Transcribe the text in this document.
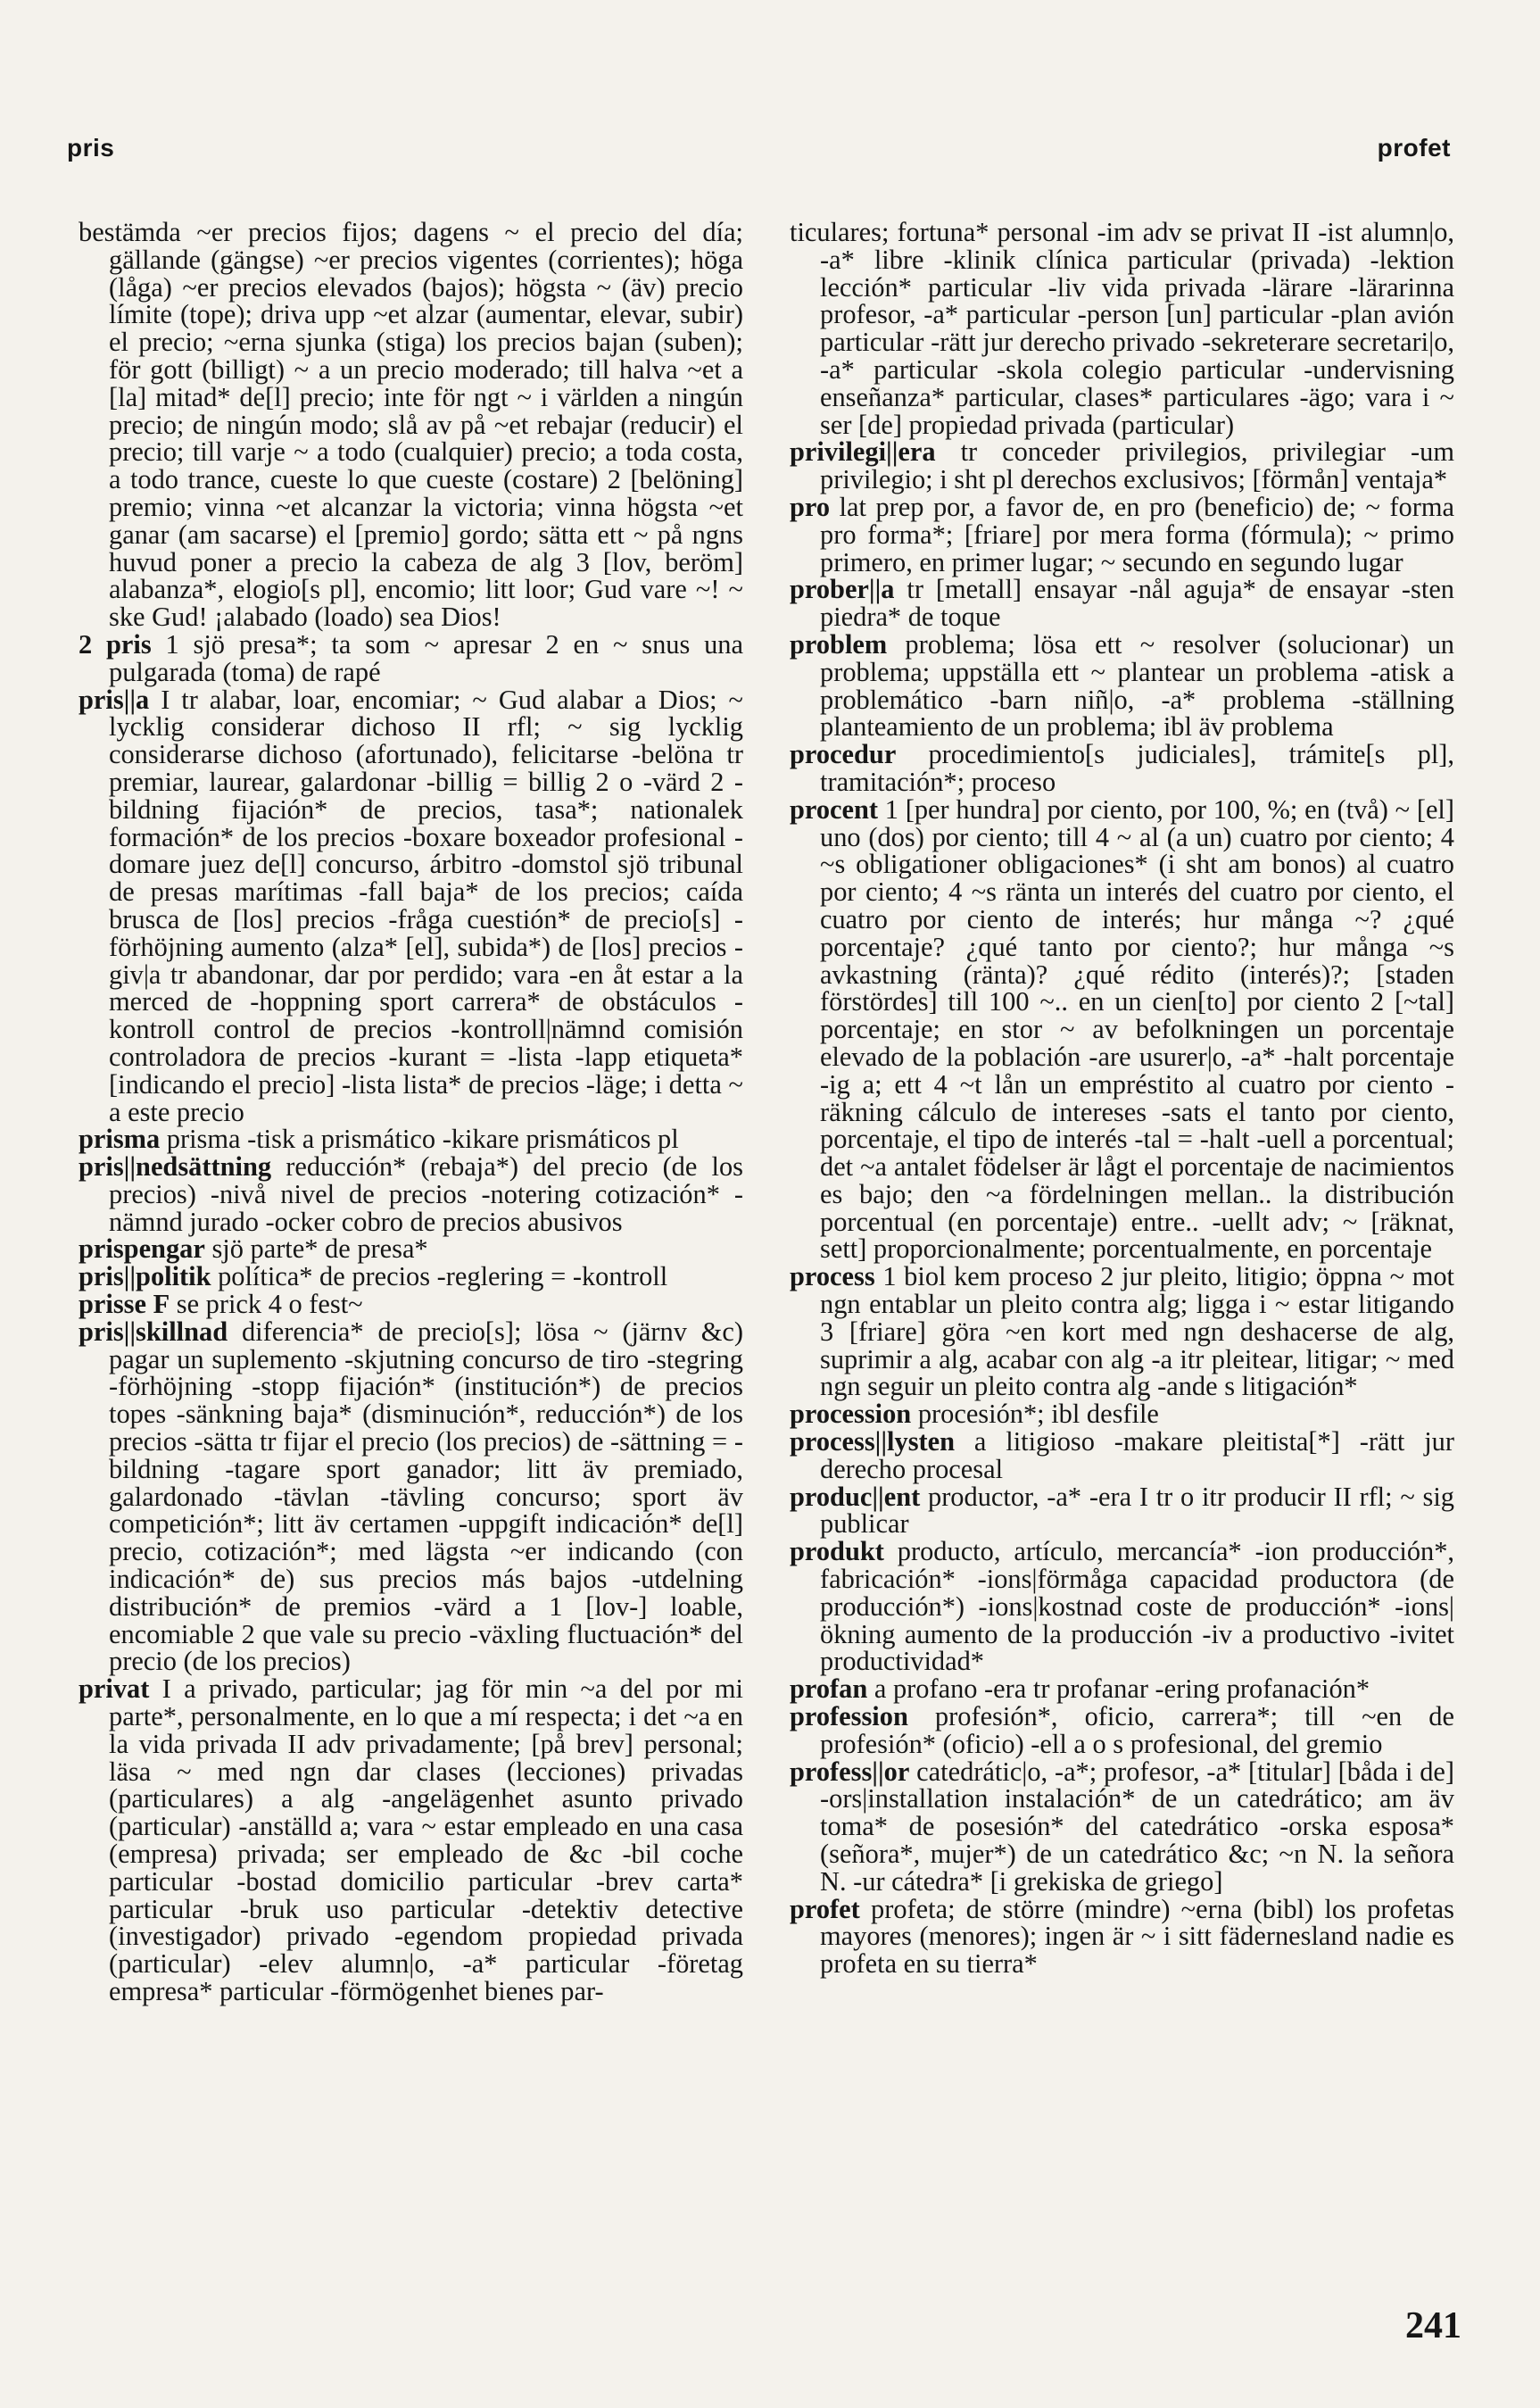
pris	profet

bestämda ~er precios fijos; dagens ~ el precio del día; gällande (gängse) ~er precios vigentes (corrientes); höga (låga) ~er precios elevados (bajos); högsta ~ (äv) precio límite (tope); driva upp ~et alzar (aumentar, elevar, subir) el precio; ~erna sjunka (stiga) los precios bajan (suben); för gott (billigt) ~ a un precio moderado; till halva ~et a [la] mitad* de[l] precio; inte för ngt ~ i världen a ningún precio; de ningún modo; slå av på ~et rebajar (reducir) el precio; till varje ~ a todo (cualquier) precio; a toda costa, a todo trance, cueste lo que cueste (costare) 2 [belöning] premio; vinna ~et alcanzar la victoria; vinna högsta ~et ganar (am sacarse) el [premio] gordo; sätta ett ~ på ngns huvud poner a precio la cabeza de alg 3 [lov, beröm] alabanza*, elogio[s pl], encomio; litt loor; Gud vare ~! ~ ske Gud! ¡alabado (loado) sea Dios!

2 pris 1 sjö presa*; ta som ~ apresar 2 en ~ snus una pulgarada (toma) de rapé

pris||a I tr alabar, loar, encomiar; ~ Gud alabar a Dios; ~ lycklig considerar dichoso II rfl; ~ sig lycklig considerarse dichoso (afortunado), felicitarse -belöna tr premiar, laurear, galardonar -billig = billig 2 o -värd 2 -bildning fijación* de precios, tasa*; nationalek formación* de los precios -boxare boxeador profesional -domare juez de[l] concurso, árbitro -domstol sjö tribunal de presas marítimas -fall baja* de los precios; caída brusca de [los] precios -fråga cuestión* de precio[s] -förhöjning aumento (alza* [el], subida*) de [los] precios -giv|a tr abandonar, dar por perdido; vara -en åt estar a la merced de -hoppning sport carrera* de obstáculos -kontroll control de precios -kontroll|nämnd comisión controladora de precios -kurant = -lista -lapp etiqueta* [indicando el precio] -lista lista* de precios -läge; i detta ~ a este precio

prisma prisma -tisk a prismático -kikare prismáticos pl

pris||nedsättning reducción* (rebaja*) del precio (de los precios) -nivå nivel de precios -notering cotización* -nämnd jurado -ocker cobro de precios abusivos

prispengar sjö parte* de presa*

pris||politik política* de precios -reglering = -kontroll

prisse F se prick 4 o fest~

pris||skillnad diferencia* de precio[s]; lösa ~ (järnv &c) pagar un suplemento -skjutning concurso de tiro -stegring -förhöjning -stopp fijación* (institución*) de precios topes -sänkning baja* (disminución*, reducción*) de los precios -sätta tr fijar el precio (los precios) de -sättning = -bildning -tagare sport ganador; litt äv premiado, galardonado -tävlan -tävling concurso; sport äv competición*; litt äv certamen -uppgift indicación* de[l] precio, cotización*; med lägsta ~er indicando (con indicación* de) sus precios más bajos -utdelning distribución* de premios -värd a 1 [lov-] loable, encomiable 2 que vale su precio -växling fluctuación* del precio (de los precios)

privat I a privado, particular; jag för min ~a del por mi parte*, personalmente, en lo que a mí respecta; i det ~a en la vida privada II adv privadamente; [på brev] personal; läsa ~ med ngn dar clases (lecciones) privadas (particulares) a alg -angelägenhet asunto privado (particular) -anställd a; vara ~ estar empleado en una casa (empresa) privada; ser empleado de &c -bil coche particular -bostad domicilio particular -brev carta* particular -bruk uso particular -detektiv detective (investigador) privado -egendom propiedad privada (particular) -elev alumn|o, -a* particular -företag empresa* particular -förmögenhet bienes par-

ticulares; fortuna* personal -im adv se privat II -ist alumn|o, -a* libre -klinik clínica particular (privada) -lektion lección* particular -liv vida privada -lärare -lärarinna profesor, -a* particular -person [un] particular -plan avión particular -rätt jur derecho privado -sekreterare secretari|o, -a* particular -skola colegio particular -undervisning enseñanza* particular, clases* particulares -ägo; vara i ~ ser [de] propiedad privada (particular)

privilegi||era tr conceder privilegios, privilegiar -um privilegio; i sht pl derechos exclusivos; [förmån] ventaja*

pro lat prep por, a favor de, en pro (beneficio) de; ~ forma pro forma*; [friare] por mera forma (fórmula); ~ primo primero, en primer lugar; ~ secundo en segundo lugar

prober||a tr [metall] ensayar -nål aguja* de ensayar -sten piedra* de toque

problem problema; lösa ett ~ resolver (solucionar) un problema; uppställa ett ~ plantear un problema -atisk a problemático -barn niñ|o, -a* problema -ställning planteamiento de un problema; ibl äv problema

procedur procedimiento[s judiciales], trámite[s pl], tramitación*; proceso

procent 1 [per hundra] por ciento, por 100, %; en (två) ~ [el] uno (dos) por ciento; till 4 ~ al (a un) cuatro por ciento; 4 ~s obligationer obligaciones* (i sht am bonos) al cuatro por ciento; 4 ~s ränta un interés del cuatro por ciento, el cuatro por ciento de interés; hur många ~? ¿qué porcentaje? ¿qué tanto por ciento?; hur många ~s avkastning (ränta)? ¿qué rédito (interés)?; [staden förstördes] till 100 ~.. en un cien[to] por ciento 2 [~tal] porcentaje; en stor ~ av befolkningen un porcentaje elevado de la población -are usurer|o, -a* -halt porcentaje -ig a; ett 4 ~t lån un empréstito al cuatro por ciento -räkning cálculo de intereses -sats el tanto por ciento, porcentaje, el tipo de interés -tal = -halt -uell a porcentual; det ~a antalet födelser är lågt el porcentaje de nacimientos es bajo; den ~a fördelningen mellan.. la distribución porcentual (en porcentaje) entre.. -uellt adv; ~ [räknat, sett] proporcionalmente; porcentualmente, en porcentaje

process 1 biol kem proceso 2 jur pleito, litigio; öppna ~ mot ngn entablar un pleito contra alg; ligga i ~ estar litigando 3 [friare] göra ~en kort med ngn deshacerse de alg, suprimir a alg, acabar con alg -a itr pleitear, litigar; ~ med ngn seguir un pleito contra alg -ande s litigación*

procession procesión*; ibl desfile

process||lysten a litigioso -makare pleitista[*] -rätt jur derecho procesal

produc||ent productor, -a* -era I tr o itr producir II rfl; ~ sig publicar

produkt producto, artículo, mercancía* -ion producción*, fabricación* -ions|förmåga capacidad productora (de producción*) -ions|kostnad coste de producción* -ions|ökning aumento de la producción -iv a productivo -ivitet productividad*

profan a profano -era tr profanar -ering profanación*

profession profesión*, oficio, carrera*; till ~en de profesión* (oficio) -ell a o s profesional, del gremio

profess||or catedrátic|o, -a*; profesor, -a* [titular] [båda i de] -ors|installation instalación* de un catedrático; am äv toma* de posesión* del catedrático -orska esposa* (señora*, mujer*) de un catedrático &c; ~n N. la señora N. -ur cátedra* [i grekiska de griego]

profet profeta; de större (mindre) ~erna (bibl) los profetas mayores (menores); ingen är ~ i sitt fädernesland nadie es profeta en su tierra*

241
